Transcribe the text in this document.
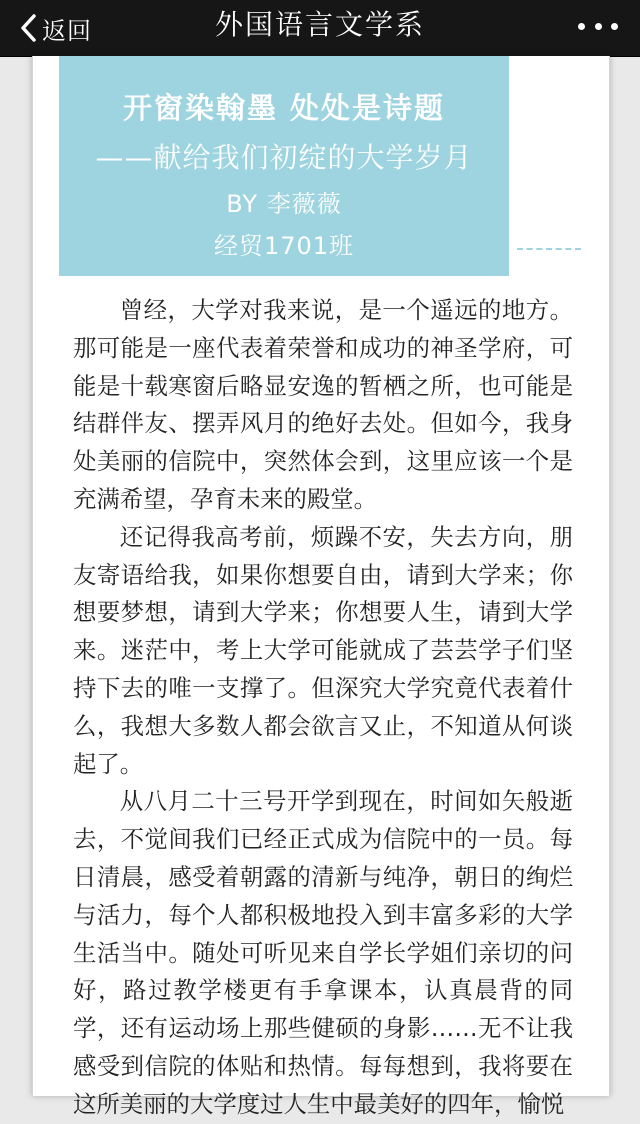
返回	外国语言文学系
开窗染翰墨 处处是诗题
——献给我们初绽的大学岁月
BY 李薇薇
经贸1701班

曾经，大学对我来说，是一个遥远的地方。那可能是一座代表着荣誉和成功的神圣学府，可能是十载寒窗后略显安逸的暂栖之所，也可能是结群伴友、摆弄风月的绝好去处。但如今，我身处美丽的信院中，突然体会到，这里应该一个是充满希望，孕育未来的殿堂。

还记得我高考前，烦躁不安，失去方向，朋友寄语给我，如果你想要自由，请到大学来；你想要梦想，请到大学来；你想要人生，请到大学来。迷茫中，考上大学可能就成了芸芸学子们坚持下去的唯一支撑了。但深究大学究竟代表着什么，我想大多数人都会欲言又止，不知道从何谈起了。

从八月二十三号开学到现在，时间如矢般逝去，不觉间我们已经正式成为信院中的一员。每日清晨，感受着朝露的清新与纯净，朝日的绚烂与活力，每个人都积极地投入到丰富多彩的大学生活当中。随处可听见来自学长学姐们亲切的问好，路过教学楼更有手拿课本，认真晨背的同学，还有运动场上那些健硕的身影……无不让我感受到信院的体贴和热情。每每想到，我将要在这所美丽的大学度过人生中最美好的四年，愉悦
